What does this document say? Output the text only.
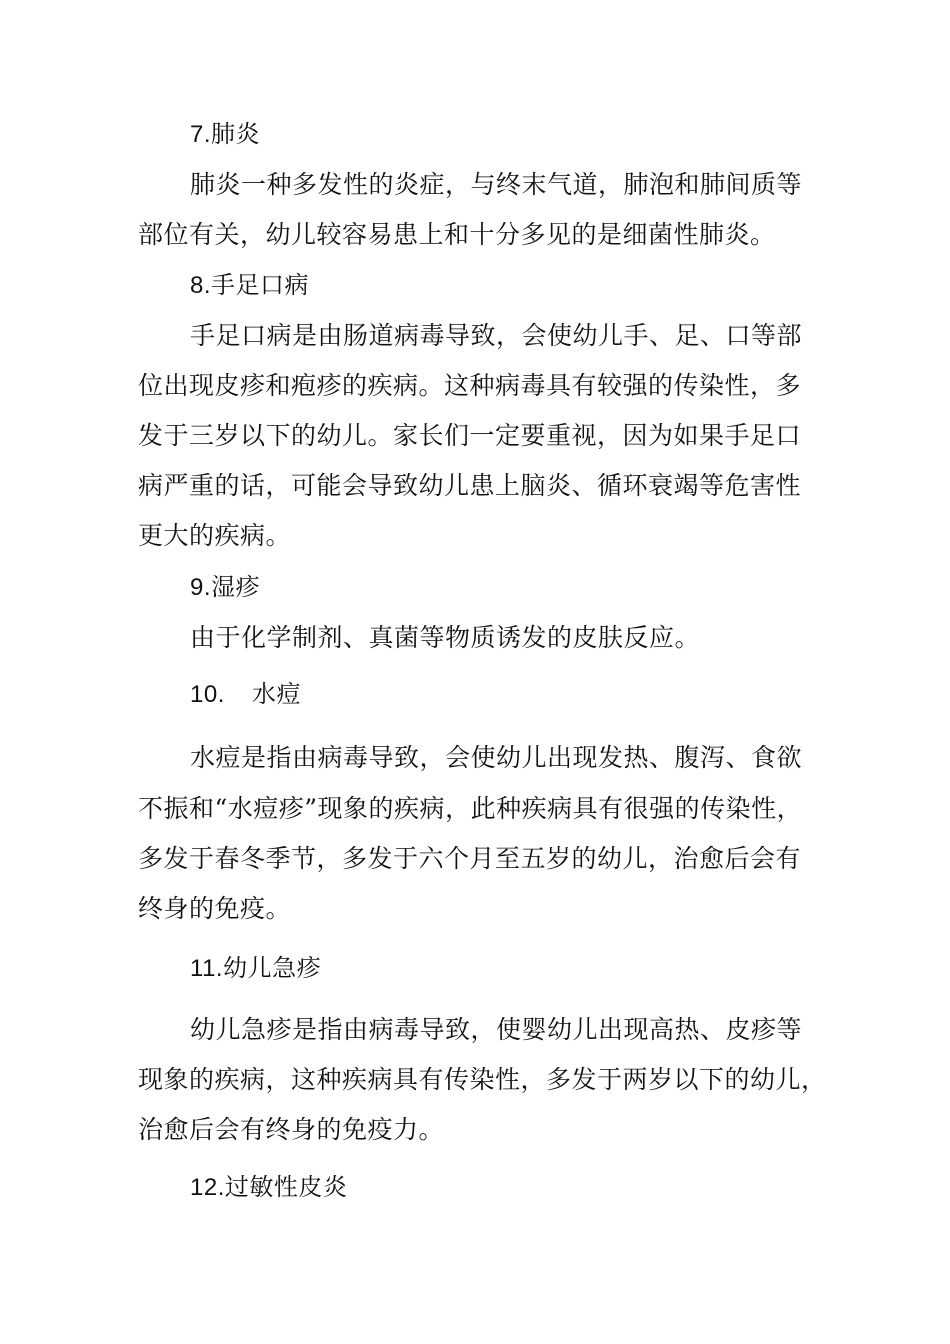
7.肺炎
肺炎一种多发性的炎症，与终末气道，肺泡和肺间质等
部位有关，幼儿较容易患上和十分多见的是细菌性肺炎。
8.手足口病
手足口病是由肠道病毒导致，会使幼儿手、足、口等部
位出现皮疹和疱疹的疾病。这种病毒具有较强的传染性，多
发于三岁以下的幼儿。家长们一定要重视，因为如果手足口
病严重的话，可能会导致幼儿患上脑炎、循环衰竭等危害性
更大的疾病。
9.湿疹
由于化学制剂、真菌等物质诱发的皮肤反应。
10. 水痘
水痘是指由病毒导致，会使幼儿出现发热、腹泻、食欲
不振和“水痘疹”现象的疾病，此种疾病具有很强的传染性，
多发于春冬季节，多发于六个月至五岁的幼儿，治愈后会有
终身的免疫。
11.幼儿急疹
幼儿急疹是指由病毒导致，使婴幼儿出现高热、皮疹等
现象的疾病，这种疾病具有传染性，多发于两岁以下的幼儿，
治愈后会有终身的免疫力。
12.过敏性皮炎
